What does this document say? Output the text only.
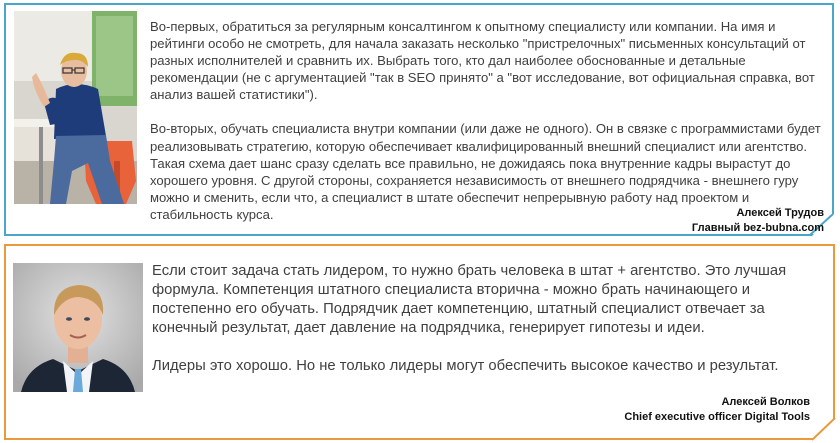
Во-первых, обратиться за регулярным консалтингом к опытному специалисту или компании. На имя и рейтинги особо не смотреть, для начала заказать несколько "пристрелочных" письменных консультаций от разных исполнителей и сравнить их. Выбрать того, кто дал наиболее обоснованные и детальные рекомендации (не с аргументацией "так в SEO принято" а "вот исследование, вот официальная справка, вот анализ вашей статистики").

Во-вторых, обучать специалиста внутри компании (или даже не одного). Он в связке с программистами будет реализовывать стратегию, которую обеспечивает квалифицированный внешний специалист или агентство. Такая схема дает шанс сразу сделать все правильно, не дожидаясь пока внутренние кадры вырастут до хорошего уровня. С другой стороны, сохраняется независимость от внешнего подрядчика - внешнего гуру можно и сменить, если что, а специалист в штате обеспечит непрерывную работу над проектом и стабильность курса.	Алексей Трудов
Главный bez-bubna.com

Если стоит задача стать лидером, то нужно брать человека в штат + агентство. Это лучшая формула. Компетенция штатного специалиста вторична - можно брать начинающего и постепенно его обучать. Подрядчик дает компетенцию, штатный специалист отвечает за конечный результат, дает давление на подрядчика, генерирует гипотезы и идеи.

Лидеры это хорошо. Но не только лидеры могут обеспечить высокое качество и результат.

Алексей Волков
Chief executive officer Digital Tools
